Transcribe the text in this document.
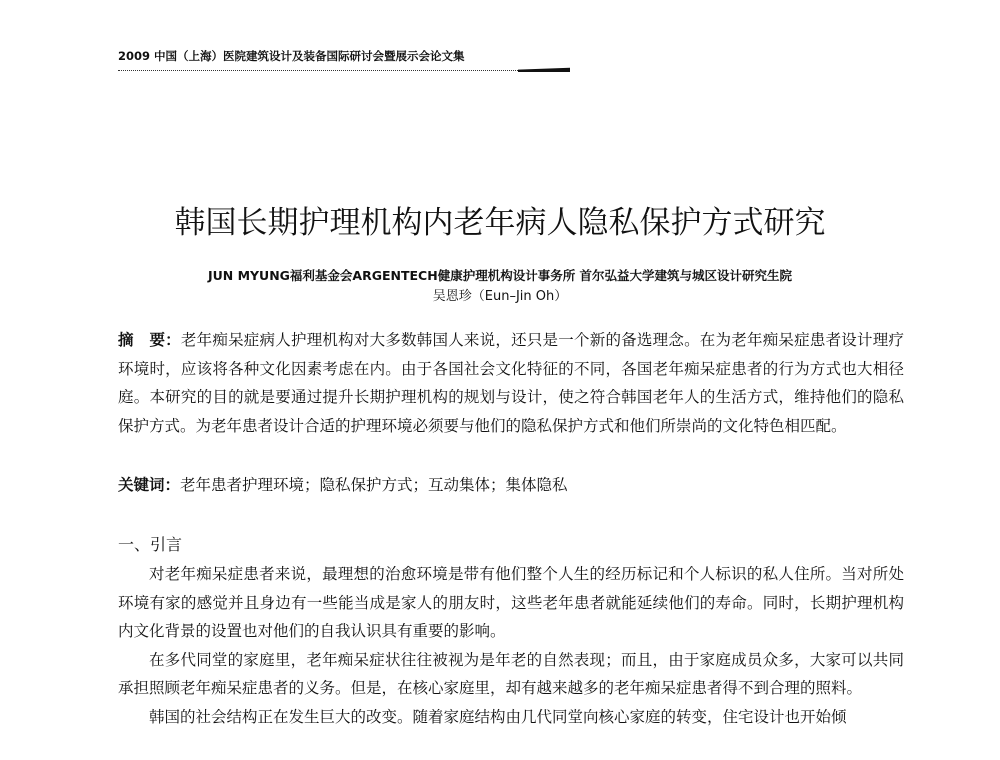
2009 中国（上海）医院建筑设计及装备国际研讨会暨展示会论文集
韩国长期护理机构内老年病人隐私保护方式研究
JUN MYUNG福利基金会ARGENTECH健康护理机构设计事务所 首尔弘益大学建筑与城区设计研究生院
吴恩珍（Eun–Jin Oh）
摘　要：老年痴呆症病人护理机构对大多数韩国人来说，还只是一个新的备选理念。在为老年痴呆症患者设计理疗环境时，应该将各种文化因素考虑在内。由于各国社会文化特征的不同，各国老年痴呆症患者的行为方式也大相径庭。本研究的目的就是要通过提升长期护理机构的规划与设计，使之符合韩国老年人的生活方式，维持他们的隐私保护方式。为老年患者设计合适的护理环境必须要与他们的隐私保护方式和他们所崇尚的文化特色相匹配。
关键词：老年患者护理环境；隐私保护方式；互动集体；集体隐私
一、引言

对老年痴呆症患者来说，最理想的治愈环境是带有他们整个人生的经历标记和个人标识的私人住所。当对所处环境有家的感觉并且身边有一些能当成是家人的朋友时，这些老年患者就能延续他们的寿命。同时，长期护理机构内文化背景的设置也对他们的自我认识具有重要的影响。

在多代同堂的家庭里，老年痴呆症状往往被视为是年老的自然表现；而且，由于家庭成员众多，大家可以共同承担照顾老年痴呆症患者的义务。但是，在核心家庭里，却有越来越多的老年痴呆症患者得不到合理的照料。

韩国的社会结构正在发生巨大的改变。随着家庭结构由几代同堂向核心家庭的转变，住宅设计也开始倾
